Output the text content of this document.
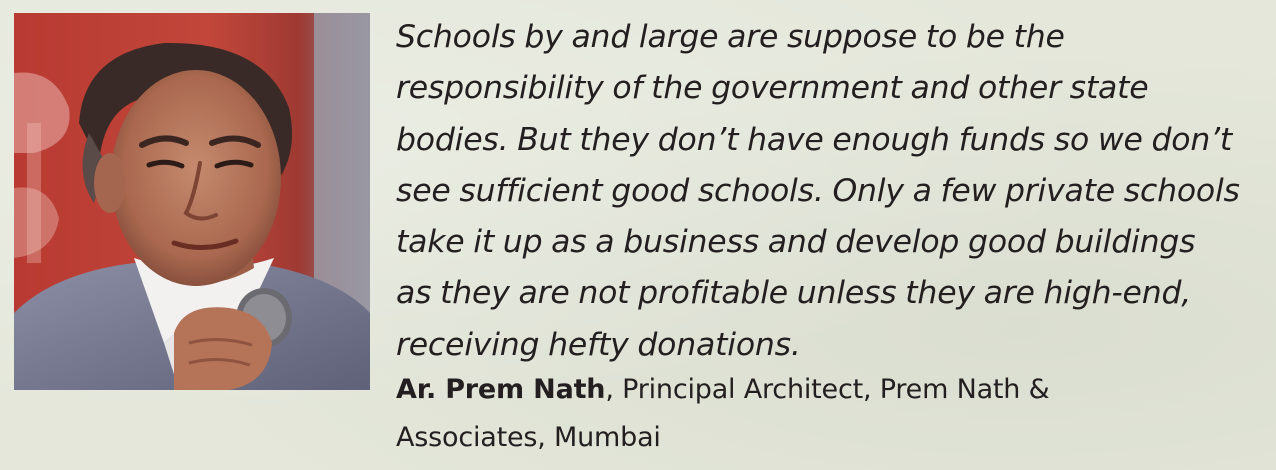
Schools by and large are suppose to be the
responsibility of the government and other state
bodies. But they don’t have enough funds so we don’t
see sufficient good schools. Only a few private schools
take it up as a business and develop good buildings
as they are not profitable unless they are high-end,
receiving hefty donations.

Ar. Prem Nath, Principal Architect, Prem Nath &
Associates, Mumbai
